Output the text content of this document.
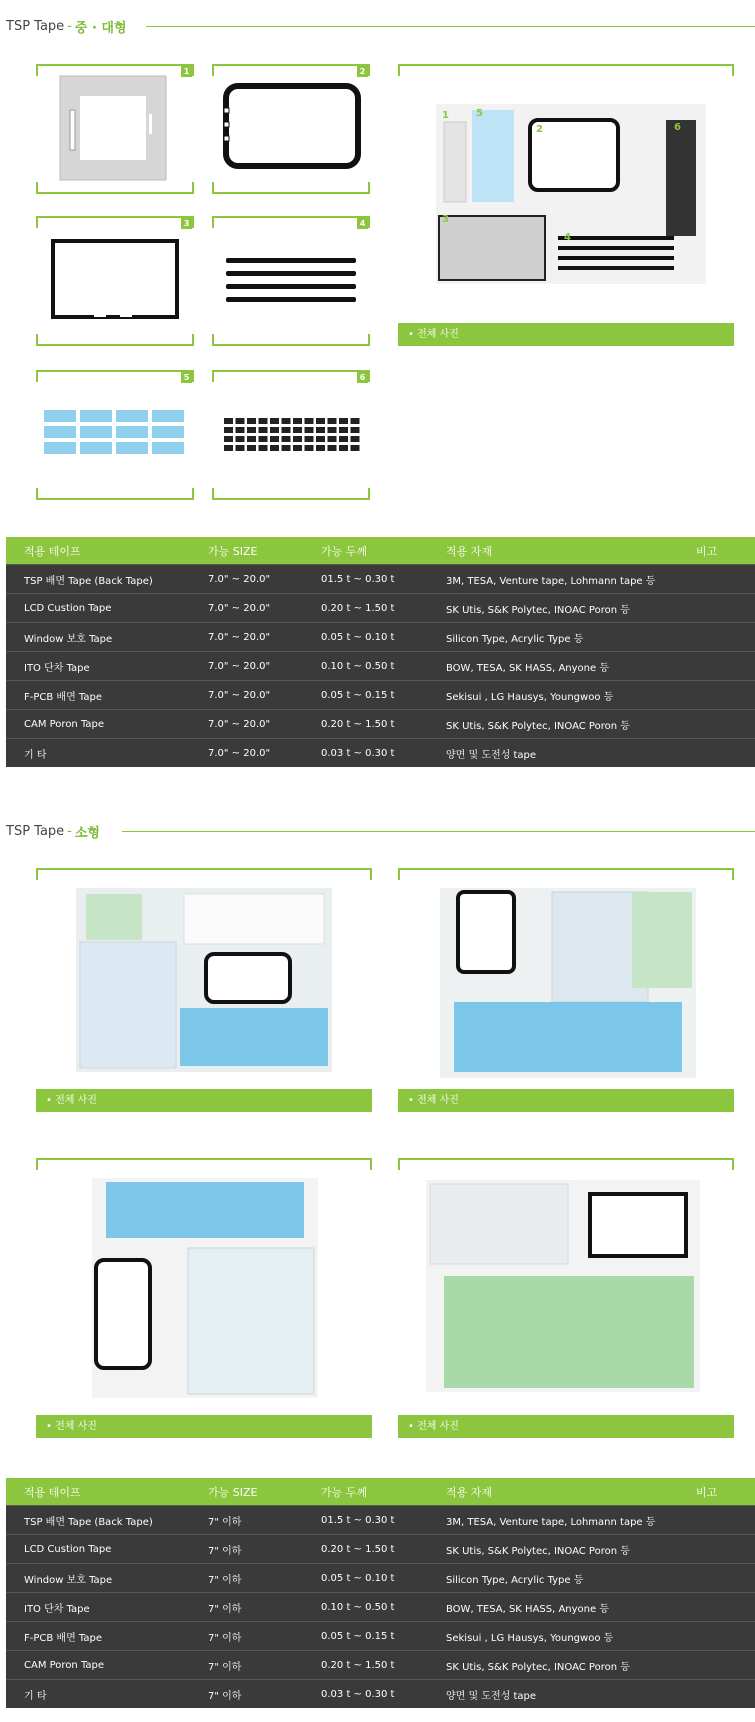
TSP Tape - 중 · 대형
1	2
3	4
5	6
1	5
2	6
3
4
• 전체 사진
적용 테이프	가능 SIZE	가능 두께	적용 자재	비고
TSP 배면 Tape (Back Tape)	7.0" ~ 20.0"	01.5 t ~ 0.30 t	3M, TESA, Venture tape, Lohmann tape 등
LCD Custion Tape	7.0" ~ 20.0"	0.20 t ~ 1.50 t	SK Utis, S&K Polytec, INOAC Poron 등
Window 보호 Tape	7.0" ~ 20.0"	0.05 t ~ 0.10 t	Silicon Type, Acrylic Type 등
ITO 단차 Tape	7.0" ~ 20.0"	0.10 t ~ 0.50 t	BOW, TESA, SK HASS, Anyone 등
F-PCB 배면 Tape	7.0" ~ 20.0"	0.05 t ~ 0.15 t	Sekisui , LG Hausys, Youngwoo 등
CAM Poron Tape	7.0" ~ 20.0"	0.20 t ~ 1.50 t	SK Utis, S&K Polytec, INOAC Poron 등
기 타	7.0" ~ 20.0"	0.03 t ~ 0.30 t	양면 및 도전성 tape
TSP Tape - 소형
• 전체 사진	• 전체 사진
• 전체 사진	• 전체 사진
적용 테이프	가능 SIZE	가능 두께	적용 자재	비고
TSP 배면 Tape (Back Tape)	7" 이하	01.5 t ~ 0.30 t	3M, TESA, Venture tape, Lohmann tape 등
LCD Custion Tape	7" 이하	0.20 t ~ 1.50 t	SK Utis, S&K Polytec, INOAC Poron 등
Window 보호 Tape	7" 이하	0.05 t ~ 0.10 t	Silicon Type, Acrylic Type 등
ITO 단차 Tape	7" 이하	0.10 t ~ 0.50 t	BOW, TESA, SK HASS, Anyone 등
F-PCB 배면 Tape	7" 이하	0.05 t ~ 0.15 t	Sekisui , LG Hausys, Youngwoo 등
CAM Poron Tape	7" 이하	0.20 t ~ 1.50 t	SK Utis, S&K Polytec, INOAC Poron 등
기 타	7" 이하	0.03 t ~ 0.30 t	양면 및 도전성 tape
